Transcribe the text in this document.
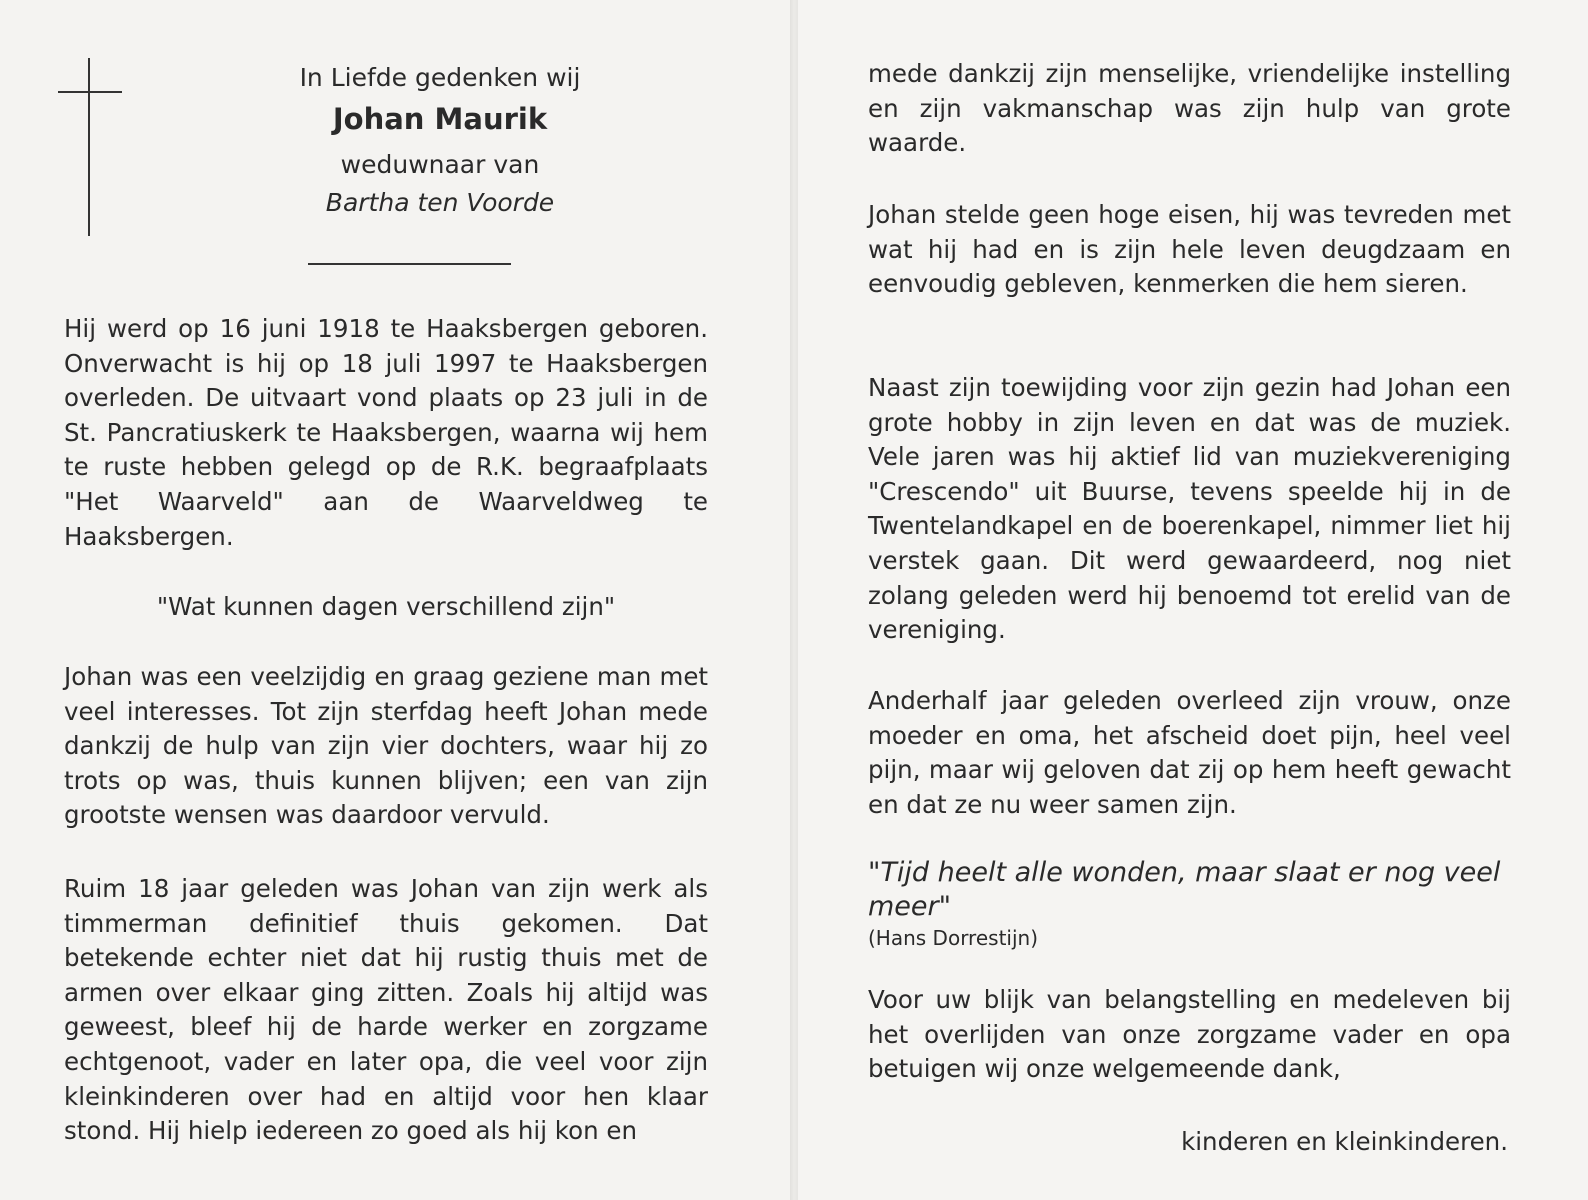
In Liefde gedenken wij
Johan Maurik
weduwnaar van
Bartha ten Voorde

Hij werd op 16 juni 1918 te Haaksbergen geboren. Onverwacht is hij op 18 juli 1997 te Haaksbergen overleden. De uitvaart vond plaats op 23 juli in de St. Pancratiuskerk te Haaksbergen, waarna wij hem te ruste hebben gelegd op de R.K. begraafplaats "Het Waarveld" aan de Waarveldweg te Haaksbergen.

"Wat kunnen dagen verschillend zijn"

Johan was een veelzijdig en graag geziene man met veel interesses. Tot zijn sterfdag heeft Johan mede dankzij de hulp van zijn vier dochters, waar hij zo trots op was, thuis kunnen blijven; een van zijn grootste wensen was daardoor vervuld.

Ruim 18 jaar geleden was Johan van zijn werk als timmerman definitief thuis gekomen. Dat betekende echter niet dat hij rustig thuis met de armen over elkaar ging zitten. Zoals hij altijd was geweest, bleef hij de harde werker en zorgzame echtgenoot, vader en later opa, die veel voor zijn kleinkinderen over had en altijd voor hen klaar stond. Hij hielp iedereen zo goed als hij kon en

mede dankzij zijn menselijke, vriendelijke instelling en zijn vakmanschap was zijn hulp van grote waarde.

Johan stelde geen hoge eisen, hij was tevreden met wat hij had en is zijn hele leven deugdzaam en eenvoudig gebleven, kenmerken die hem sieren.

Naast zijn toewijding voor zijn gezin had Johan een grote hobby in zijn leven en dat was de muziek. Vele jaren was hij aktief lid van muziekvereniging "Crescendo" uit Buurse, tevens speelde hij in de Twentelandkapel en de boerenkapel, nimmer liet hij verstek gaan. Dit werd gewaardeerd, nog niet zolang geleden werd hij benoemd tot erelid van de vereniging.

Anderhalf jaar geleden overleed zijn vrouw, onze moeder en oma, het afscheid doet pijn, heel veel pijn, maar wij geloven dat zij op hem heeft gewacht en dat ze nu weer samen zijn.

"Tijd heelt alle wonden, maar slaat er nog veel meer"
(Hans Dorrestijn)

Voor uw blijk van belangstelling en medeleven bij het overlijden van onze zorgzame vader en opa betuigen wij onze welgemeende dank,

kinderen en kleinkinderen.
